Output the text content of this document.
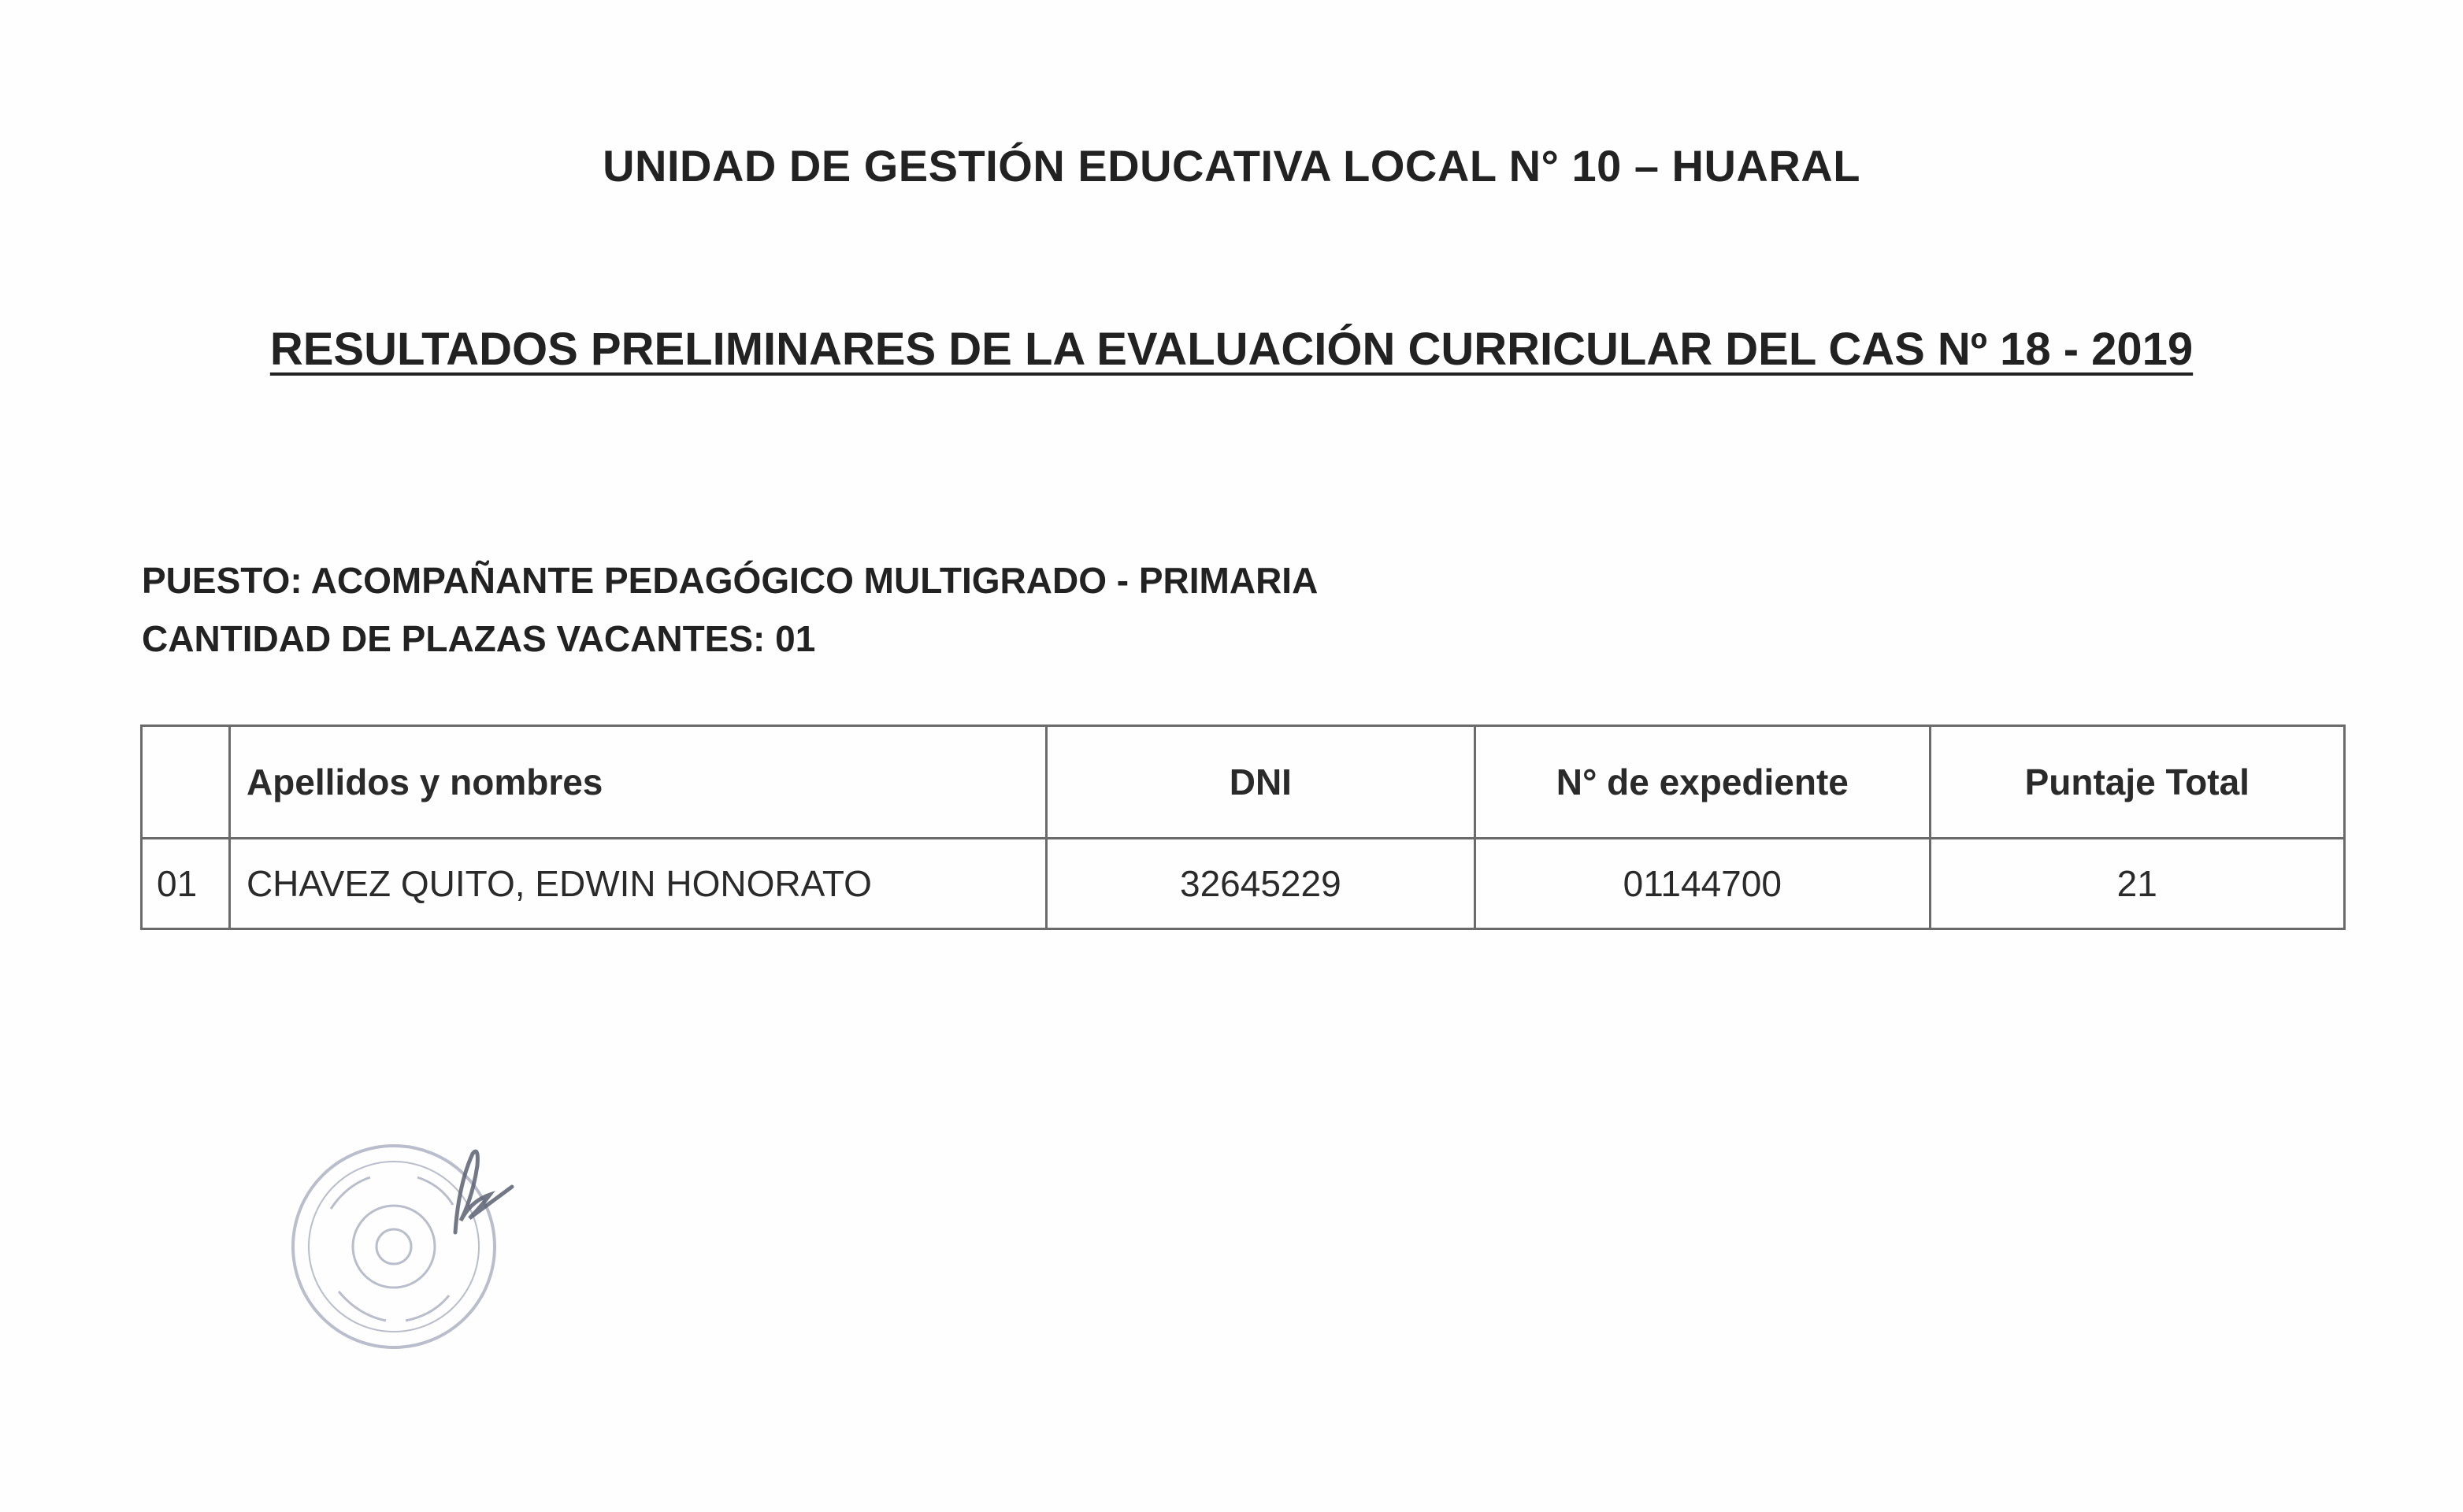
UNIDAD DE GESTIÓN EDUCATIVA LOCAL N° 10 – HUARAL
RESULTADOS PRELIMINARES DE LA EVALUACIÓN CURRICULAR DEL CAS Nº 18 - 2019
PUESTO: ACOMPAÑANTE PEDAGÓGICO MULTIGRADO - PRIMARIA
CANTIDAD DE PLAZAS VACANTES: 01
	Apellidos y nombres	DNI	N° de expediente	Puntaje Total
01	CHAVEZ QUITO, EDWIN HONORATO	32645229	01144700	21
